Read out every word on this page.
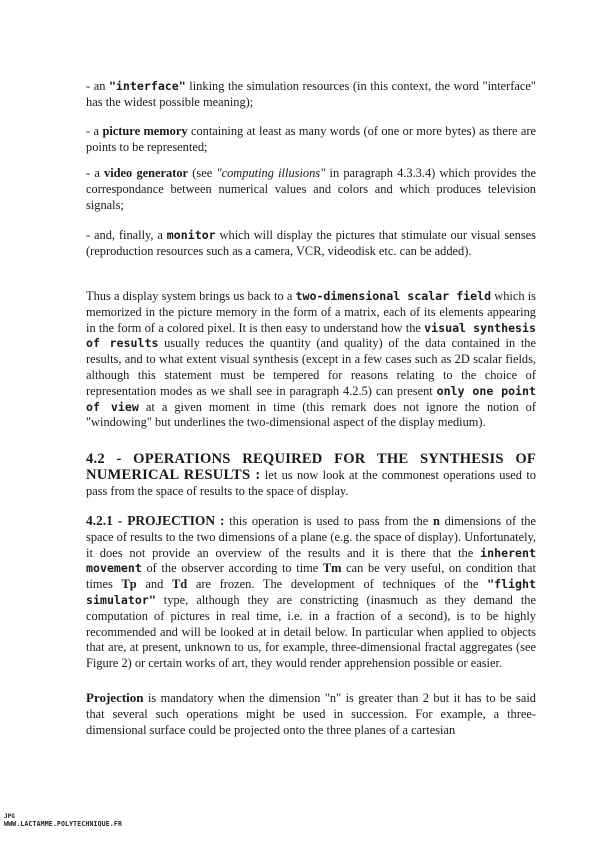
- an "interface" linking the simulation resources (in this context, the word "interface" has the widest possible meaning);

- a picture memory containing at least as many words (of one or more bytes) as there are points to be represented;

- a video generator (see "computing illusions" in paragraph 4.3.3.4) which provides the correspondance between numerical values and colors and which produces television signals;

- and, finally, a monitor which will display the pictures that stimulate our visual senses (reproduction resources such as a camera, VCR, videodisk etc. can be added).

Thus a display system brings us back to a two-dimensional scalar field which is memorized in the picture memory in the form of a matrix, each of its elements appearing in the form of a colored pixel. It is then easy to understand how the visual synthesis of results usually reduces the quantity (and quality) of the data contained in the results, and to what extent visual synthesis (except in a few cases such as 2D scalar fields, although this statement must be tempered for reasons relating to the choice of representation modes as we shall see in paragraph 4.2.5) can present only one point of view at a given moment in time (this remark does not ignore the notion of "windowing" but underlines the two-dimensional aspect of the display medium).

4.2 - OPERATIONS REQUIRED FOR THE SYNTHESIS OF NUMERICAL RESULTS : let us now look at the commonest operations used to pass from the space of results to the space of display.

4.2.1 - PROJECTION : this operation is used to pass from the n dimensions of the space of results to the two dimensions of a plane (e.g. the space of display). Unfortunately, it does not provide an overview of the results and it is there that the inherent movement of the observer according to time Tm can be very useful, on condition that times Tp and Td are frozen. The development of techniques of the "flight simulator" type, although they are constricting (inasmuch as they demand the computation of pictures in real time, i.e. in a fraction of a second), is to be highly recommended and will be looked at in detail below. In particular when applied to objects that are, at present, unknown to us, for example, three-dimensional fractal aggregates (see Figure 2) or certain works of art, they would render apprehension possible or easier.

Projection is mandatory when the dimension "n" is greater than 2 but it has to be said that several such operations might be used in succession. For example, a three-dimensional surface could be projected onto the three planes of a cartesian

JPG
WWW.LACTAMME.POLYTECHNIQUE.FR
